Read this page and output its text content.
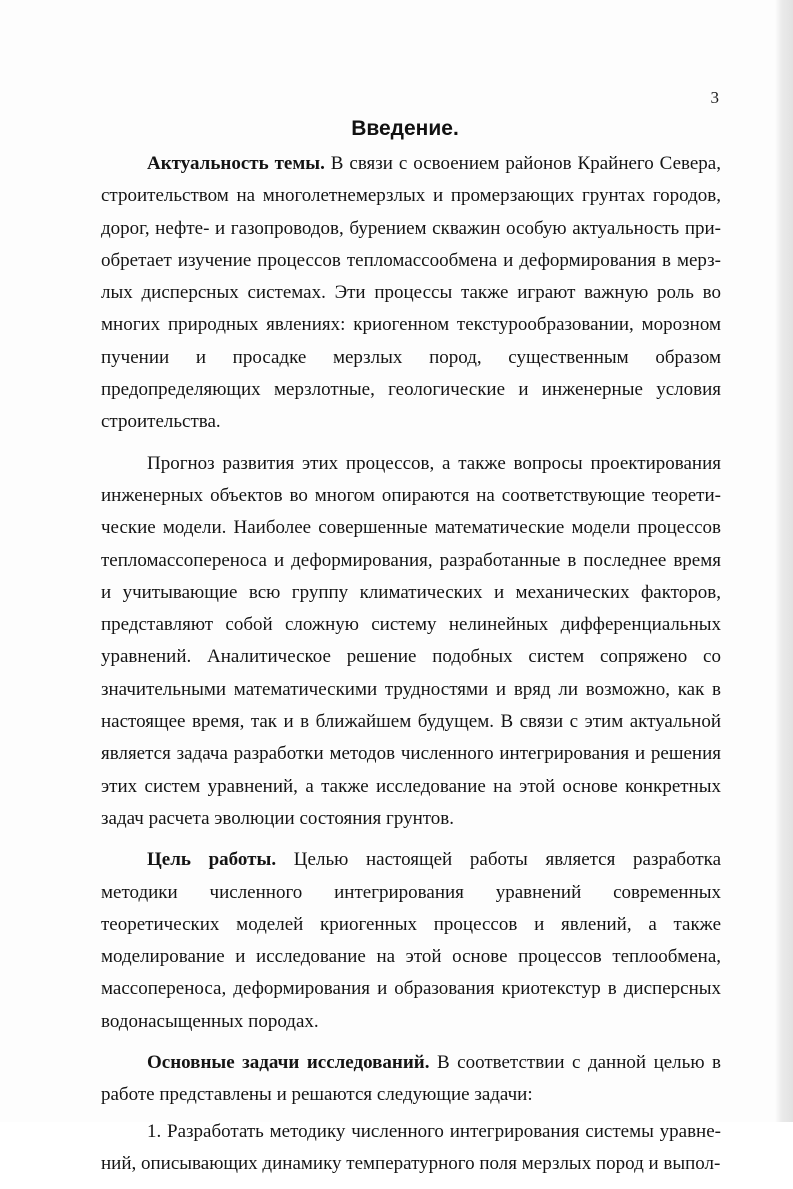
3
Введение.

Актуальность темы. В связи с освоением районов Крайнего Севера, строительством на многолетнемерзлых и промерзающих грунтах городов, дорог, нефте- и газопроводов, бурением скважин особую актуальность приобретает изучение процессов тепломассообмена и деформирования в мерзлых дисперсных системах. Эти процессы также играют важную роль во многих природных явлениях: криогенном текстурообразовании, морозном пучении и просадке мерзлых пород, существенным образом предопределяющих мерзлотные, геологические и инженерные условия строительства.

Прогноз развития этих процессов, а также вопросы проектирования инженерных объектов во многом опираются на соответствующие теоретические модели. Наиболее совершенные математические модели процессов тепломассопереноса и деформирования, разработанные в последнее время и учитывающие всю группу климатических и механических факторов, представляют собой сложную систему нелинейных дифференциальных уравнений. Аналитическое решение подобных систем сопряжено со значительными математическими трудностями и вряд ли возможно, как в настоящее время, так и в ближайшем будущем. В связи с этим актуальной является задача разработки методов численного интегрирования и решения этих систем уравнений, а также исследование на этой основе конкретных задач расчета эволюции состояния грунтов.

Цель работы. Целью настоящей работы является разработка методики численного интегрирования уравнений современных теоретических моделей криогенных процессов и явлений, а также моделирование и исследование на этой основе процессов теплообмена, массопереноса, деформирования и образования криотекстур в дисперсных водонасыщенных породах.

Основные задачи исследований. В соответствии с данной целью в работе представлены и решаются следующие задачи:

1. Разработать методику численного интегрирования системы уравнений, описывающих динамику температурного поля мерзлых пород и выпол-
